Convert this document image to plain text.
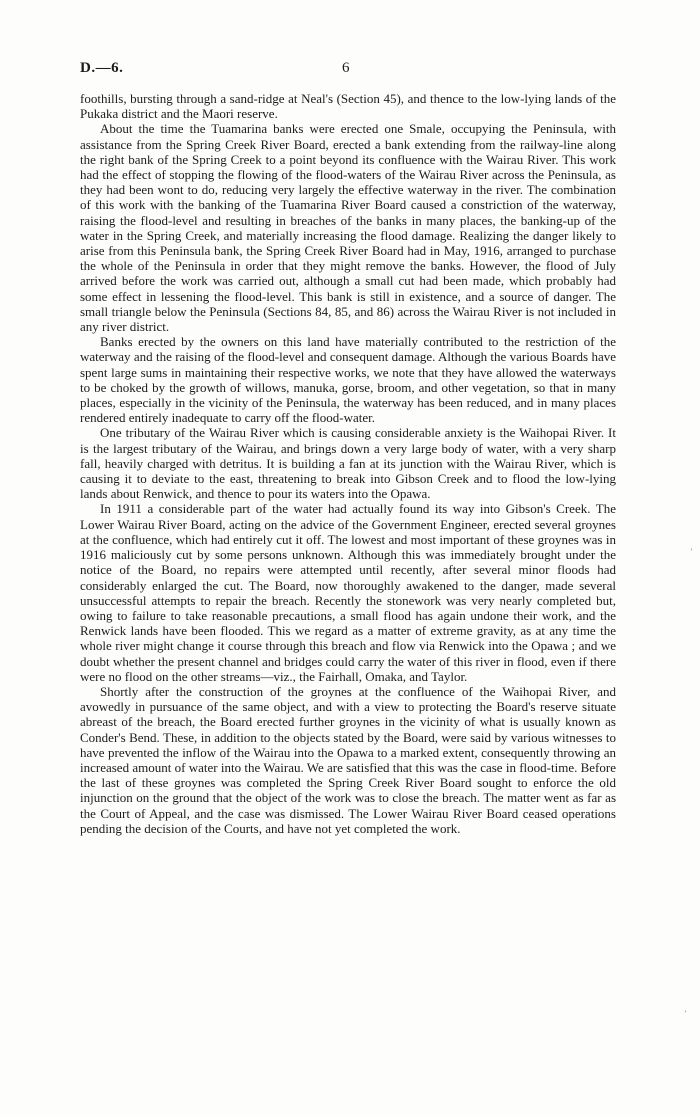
D.—6.	6

foothills, bursting through a sand-ridge at Neal's (Section 45), and thence to the low-lying lands of the Pukaka district and the Maori reserve.

About the time the Tuamarina banks were erected one Smale, occupying the Peninsula, with assistance from the Spring Creek River Board, erected a bank extending from the railway-line along the right bank of the Spring Creek to a point beyond its confluence with the Wairau River. This work had the effect of stopping the flowing of the flood-waters of the Wairau River across the Peninsula, as they had been wont to do, reducing very largely the effective waterway in the river. The combination of this work with the banking of the Tuamarina River Board caused a constriction of the waterway, raising the flood-level and resulting in breaches of the banks in many places, the banking-up of the water in the Spring Creek, and materially increasing the flood damage. Realizing the danger likely to arise from this Peninsula bank, the Spring Creek River Board had in May, 1916, arranged to purchase the whole of the Peninsula in order that they might remove the banks. However, the flood of July arrived before the work was carried out, although a small cut had been made, which probably had some effect in lessening the flood-level. This bank is still in existence, and a source of danger. The small triangle below the Peninsula (Sections 84, 85, and 86) across the Wairau River is not included in any river district.

Banks erected by the owners on this land have materially contributed to the restriction of the waterway and the raising of the flood-level and consequent damage. Although the various Boards have spent large sums in maintaining their respective works, we note that they have allowed the waterways to be choked by the growth of willows, manuka, gorse, broom, and other vegetation, so that in many places, especially in the vicinity of the Peninsula, the waterway has been reduced, and in many places rendered entirely inadequate to carry off the flood-water.

One tributary of the Wairau River which is causing considerable anxiety is the Waihopai River. It is the largest tributary of the Wairau, and brings down a very large body of water, with a very sharp fall, heavily charged with detritus. It is building a fan at its junction with the Wairau River, which is causing it to deviate to the east, threatening to break into Gibson Creek and to flood the low-lying lands about Renwick, and thence to pour its waters into the Opawa.

In 1911 a considerable part of the water had actually found its way into Gibson's Creek. The Lower Wairau River Board, acting on the advice of the Government Engineer, erected several groynes at the confluence, which had entirely cut it off. The lowest and most important of these groynes was in 1916 maliciously cut by some persons unknown. Although this was immediately brought under the notice of the Board, no repairs were attempted until recently, after several minor floods had considerably enlarged the cut. The Board, now thoroughly awakened to the danger, made several unsuccessful attempts to repair the breach. Recently the stonework was very nearly completed but, owing to failure to take reasonable precautions, a small flood has again undone their work, and the Renwick lands have been flooded. This we regard as a matter of extreme gravity, as at any time the whole river might change it course through this breach and flow via Renwick into the Opawa ; and we doubt whether the present channel and bridges could carry the water of this river in flood, even if there were no flood on the other streams—viz., the Fairhall, Omaka, and Taylor.

Shortly after the construction of the groynes at the confluence of the Waihopai River, and avowedly in pursuance of the same object, and with a view to protecting the Board's reserve situate abreast of the breach, the Board erected further groynes in the vicinity of what is usually known as Conder's Bend. These, in addition to the objects stated by the Board, were said by various witnesses to have prevented the inflow of the Wairau into the Opawa to a marked extent, consequently throwing an increased amount of water into the Wairau. We are satisfied that this was the case in flood-time. Before the last of these groynes was completed the Spring Creek River Board sought to enforce the old injunction on the ground that the object of the work was to close the breach. The matter went as far as the Court of Appeal, and the case was dismissed. The Lower Wairau River Board ceased operations pending the decision of the Courts, and have not yet completed the work.

ʼ
ʼ
